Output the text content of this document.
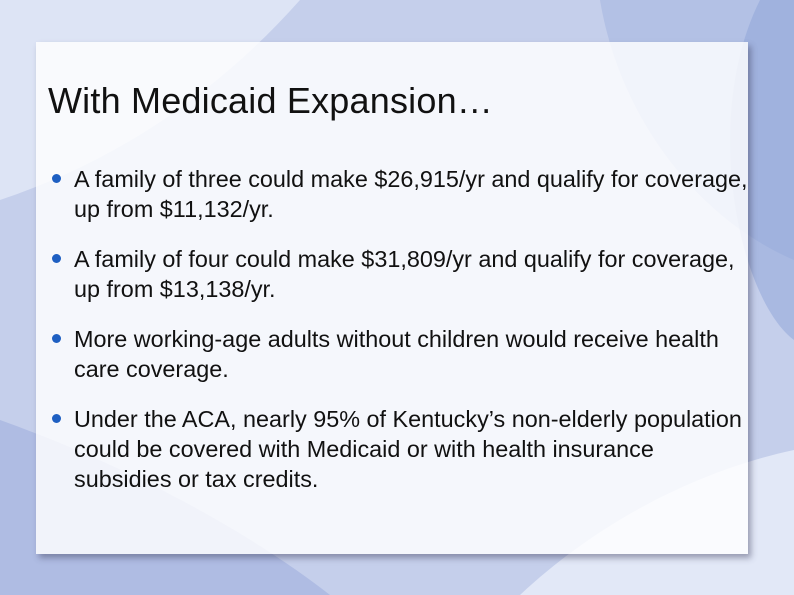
With Medicaid Expansion…
A family of three could make $26,915/yr and qualify for coverage, up from $11,132/yr.
A family of four could make $31,809/yr and qualify for coverage, up from $13,138/yr.
More working-age adults without children would receive health care coverage.
Under the ACA, nearly 95% of Kentucky’s non-elderly population could be covered with Medicaid or with health insurance subsidies or tax credits.
